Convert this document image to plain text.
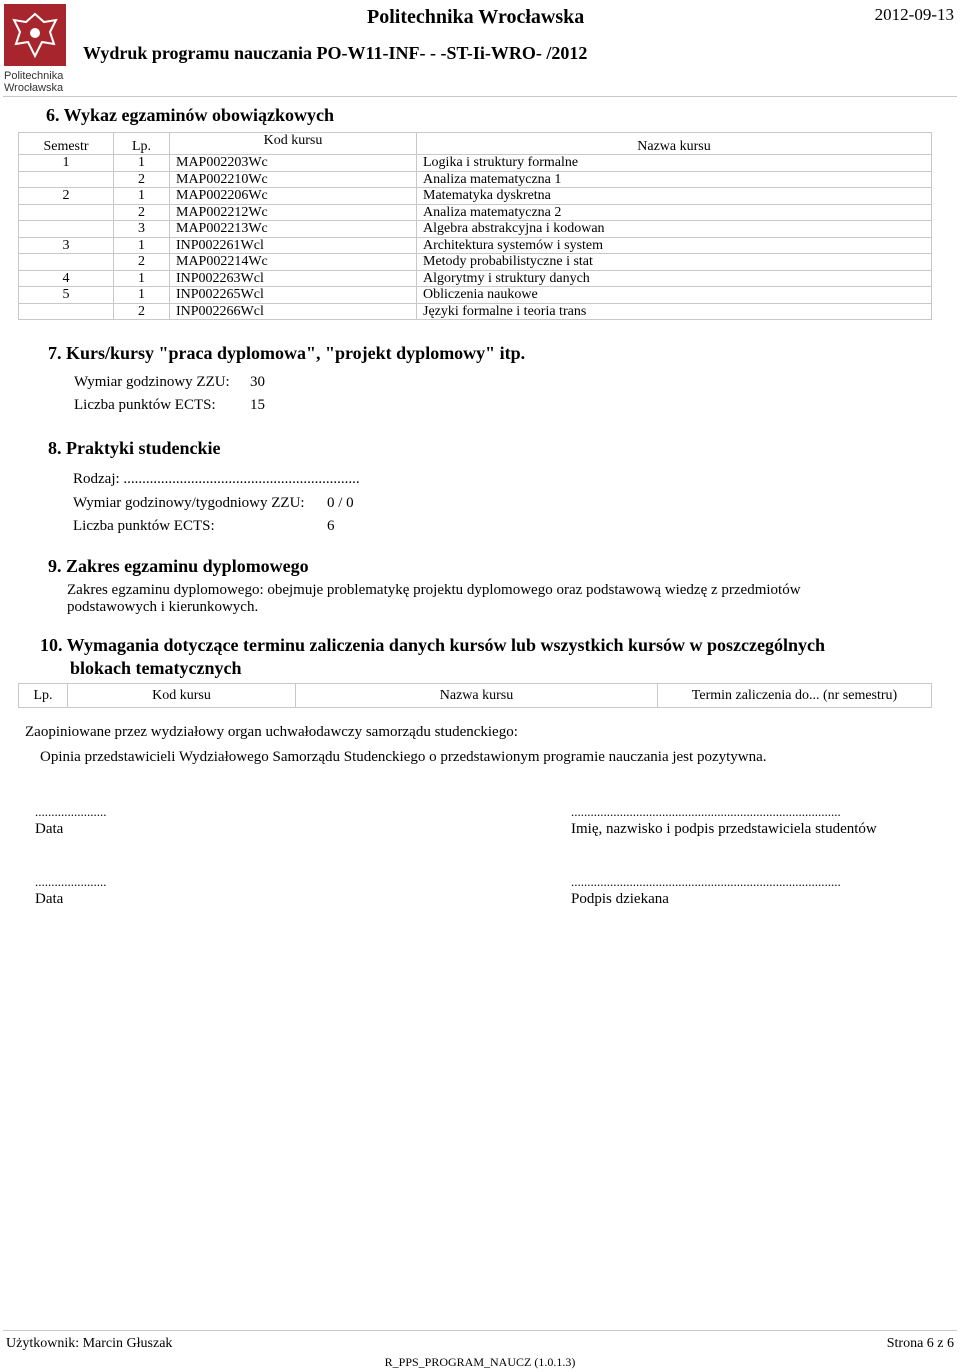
Politechnika
Wrocławska
Politechnika Wrocławska	2012-09-13
Wydruk programu nauczania PO-W11-INF- - -ST-Ii-WRO- /2012
6. Wykaz egzaminów obowiązkowych
Semestr	Lp.	Kod kursu	Nazwa kursu
1	1	MAP002203Wc	Logika i struktury formalne
	2	MAP002210Wc	Analiza matematyczna 1
2	1	MAP002206Wc	Matematyka dyskretna
	2	MAP002212Wc	Analiza matematyczna 2
	3	MAP002213Wc	Algebra abstrakcyjna i kodowan
3	1	INP002261Wcl	Architektura systemów i system
	2	MAP002214Wc	Metody probabilistyczne i stat
4	1	INP002263Wcl	Algorytmy i struktury danych
5	1	INP002265Wcl	Obliczenia naukowe
	2	INP002266Wcl	Języki formalne i teoria trans
7. Kurs/kursy "praca dyplomowa", "projekt dyplomowy" itp.
Wymiar godzinowy ZZU: 30
Liczba punktów ECTS: 15
8. Praktyki studenckie
Rodzaj: ...............................................................
Wymiar godzinowy/tygodniowy ZZU: 0 / 0
Liczba punktów ECTS:	6
9. Zakres egzaminu dyplomowego
Zakres egzaminu dyplomowego: obejmuje problematykę projektu dyplomowego oraz podstawową wiedzę z przedmiotów
podstawowych i kierunkowych.
10. Wymagania dotyczące terminu zaliczenia danych kursów lub wszystkich kursów w poszczególnych
blokach tematycznych
Lp.	Kod kursu	Nazwa kursu	Termin zaliczenia do... (nr semestru)
Zaopiniowane przez wydziałowy organ uchwałodawczy samorządu studenckiego:
Opinia przedstawicieli Wydziałowego Samorządu Studenckiego o przedstawionym programie nauczania jest pozytywna.
......................
Data
...................................................................................
Imię, nazwisko i podpis przedstawiciela studentów
......................
Data
...................................................................................
Podpis dziekana
Użytkownik: Marcin Głuszak	Strona 6 z 6
R_PPS_PROGRAM_NAUCZ (1.0.1.3)
